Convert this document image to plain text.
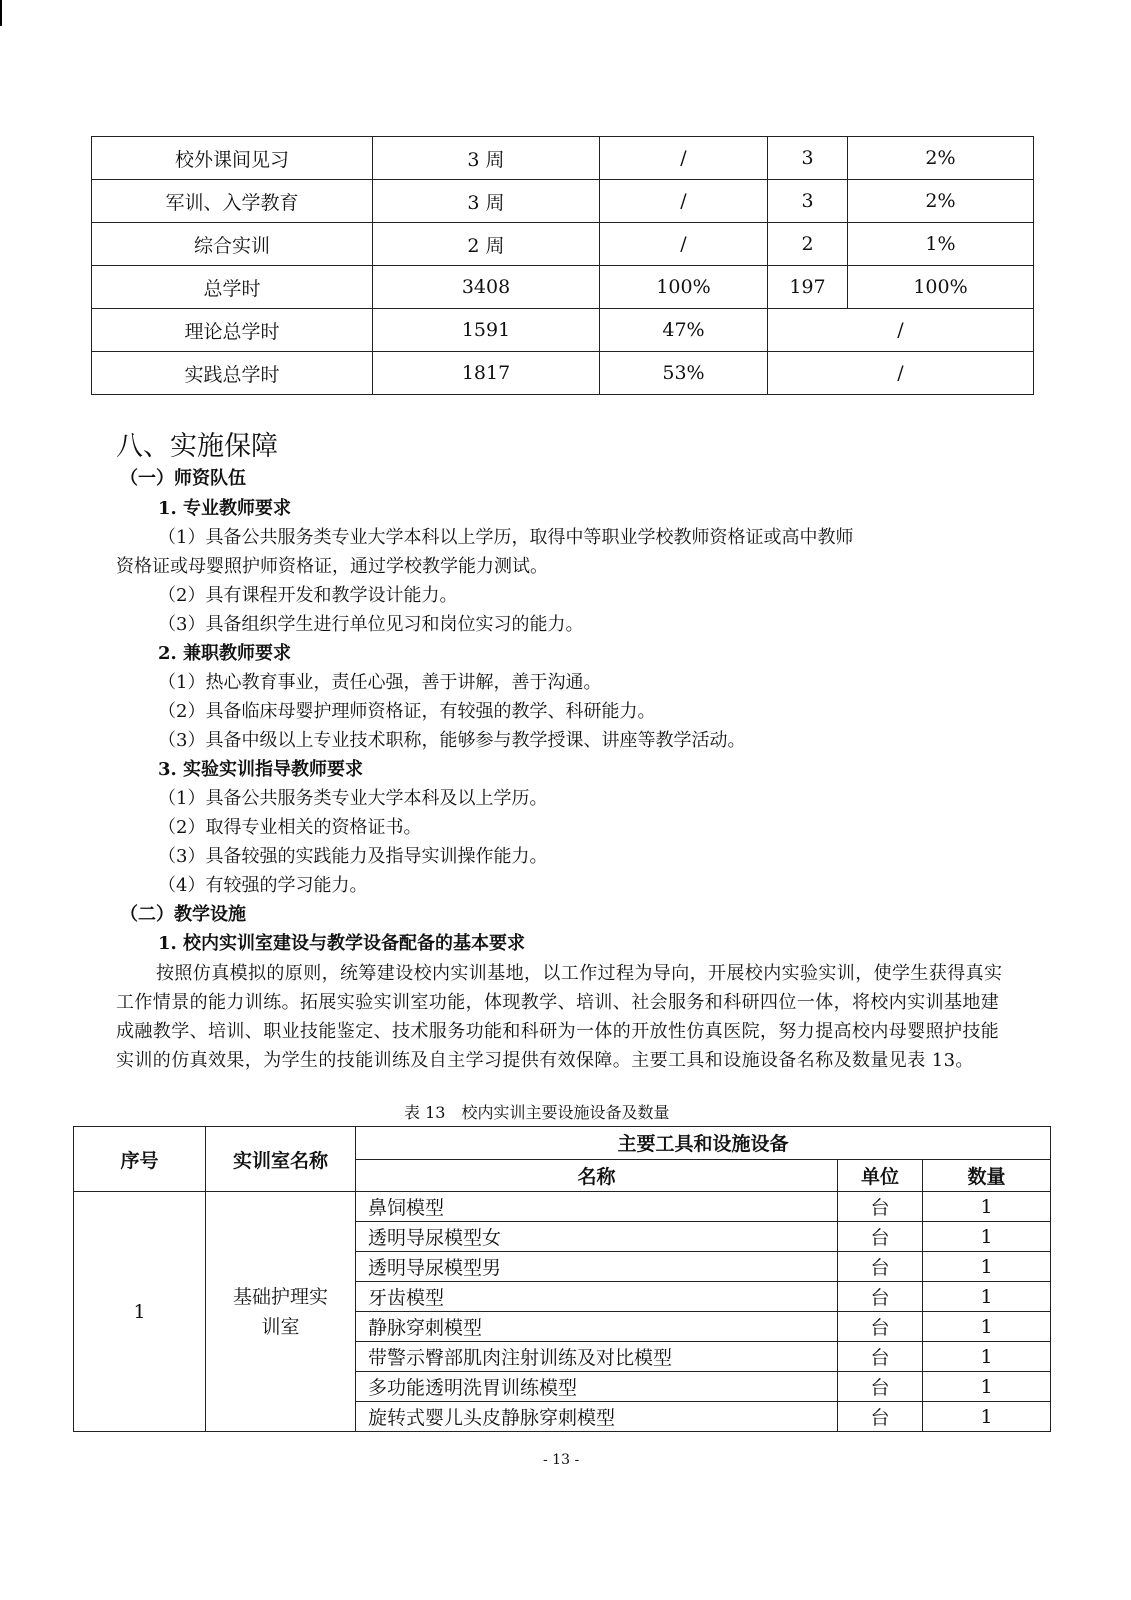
校外课间见习	3 周	/	3	2%
军训、入学教育	3 周	/	3	2%
综合实训	2 周	/	2	1%
总学时	3408	100%	197	100%
理论总学时	1591	47%	/	
实践总学时	1817	53%	/	
八、实施保障
（一）师资队伍
1. 专业教师要求
（1）具备公共服务类专业大学本科以上学历，取得中等职业学校教师资格证或高中教师
资格证或母婴照护师资格证，通过学校教学能力测试。
（2）具有课程开发和教学设计能力。
（3）具备组织学生进行单位见习和岗位实习的能力。
2. 兼职教师要求
（1）热心教育事业，责任心强，善于讲解，善于沟通。
（2）具备临床母婴护理师资格证，有较强的教学、科研能力。
（3）具备中级以上专业技术职称，能够参与教学授课、讲座等教学活动。
3. 实验实训指导教师要求
（1）具备公共服务类专业大学本科及以上学历。
（2）取得专业相关的资格证书。
（3）具备较强的实践能力及指导实训操作能力。
（4）有较强的学习能力。
（二）教学设施
1. 校内实训室建设与教学设备配备的基本要求
按照仿真模拟的原则，统筹建设校内实训基地，以工作过程为导向，开展校内实验实训，使学生获得真实工作情景的能力训练。拓展实验实训室功能，体现教学、培训、社会服务和科研四位一体，将校内实训基地建成融教学、培训、职业技能鉴定、技术服务功能和科研为一体的开放性仿真医院，努力提高校内母婴照护技能实训的仿真效果，为学生的技能训练及自主学习提供有效保障。主要工具和设施设备名称及数量见表 13。
表 13　校内实训主要设施设备及数量
序号	实训室名称	主要工具和设施设备		
		名称	单位	数量
1	基础护理实训室	鼻饲模型	台	1
		透明导尿模型女	台	1
		透明导尿模型男	台	1
		牙齿模型	台	1
		静脉穿刺模型	台	1
		带警示臀部肌肉注射训练及对比模型	台	1
		多功能透明洗胃训练模型	台	1
		旋转式婴儿头皮静脉穿刺模型	台	1
- 13 -
